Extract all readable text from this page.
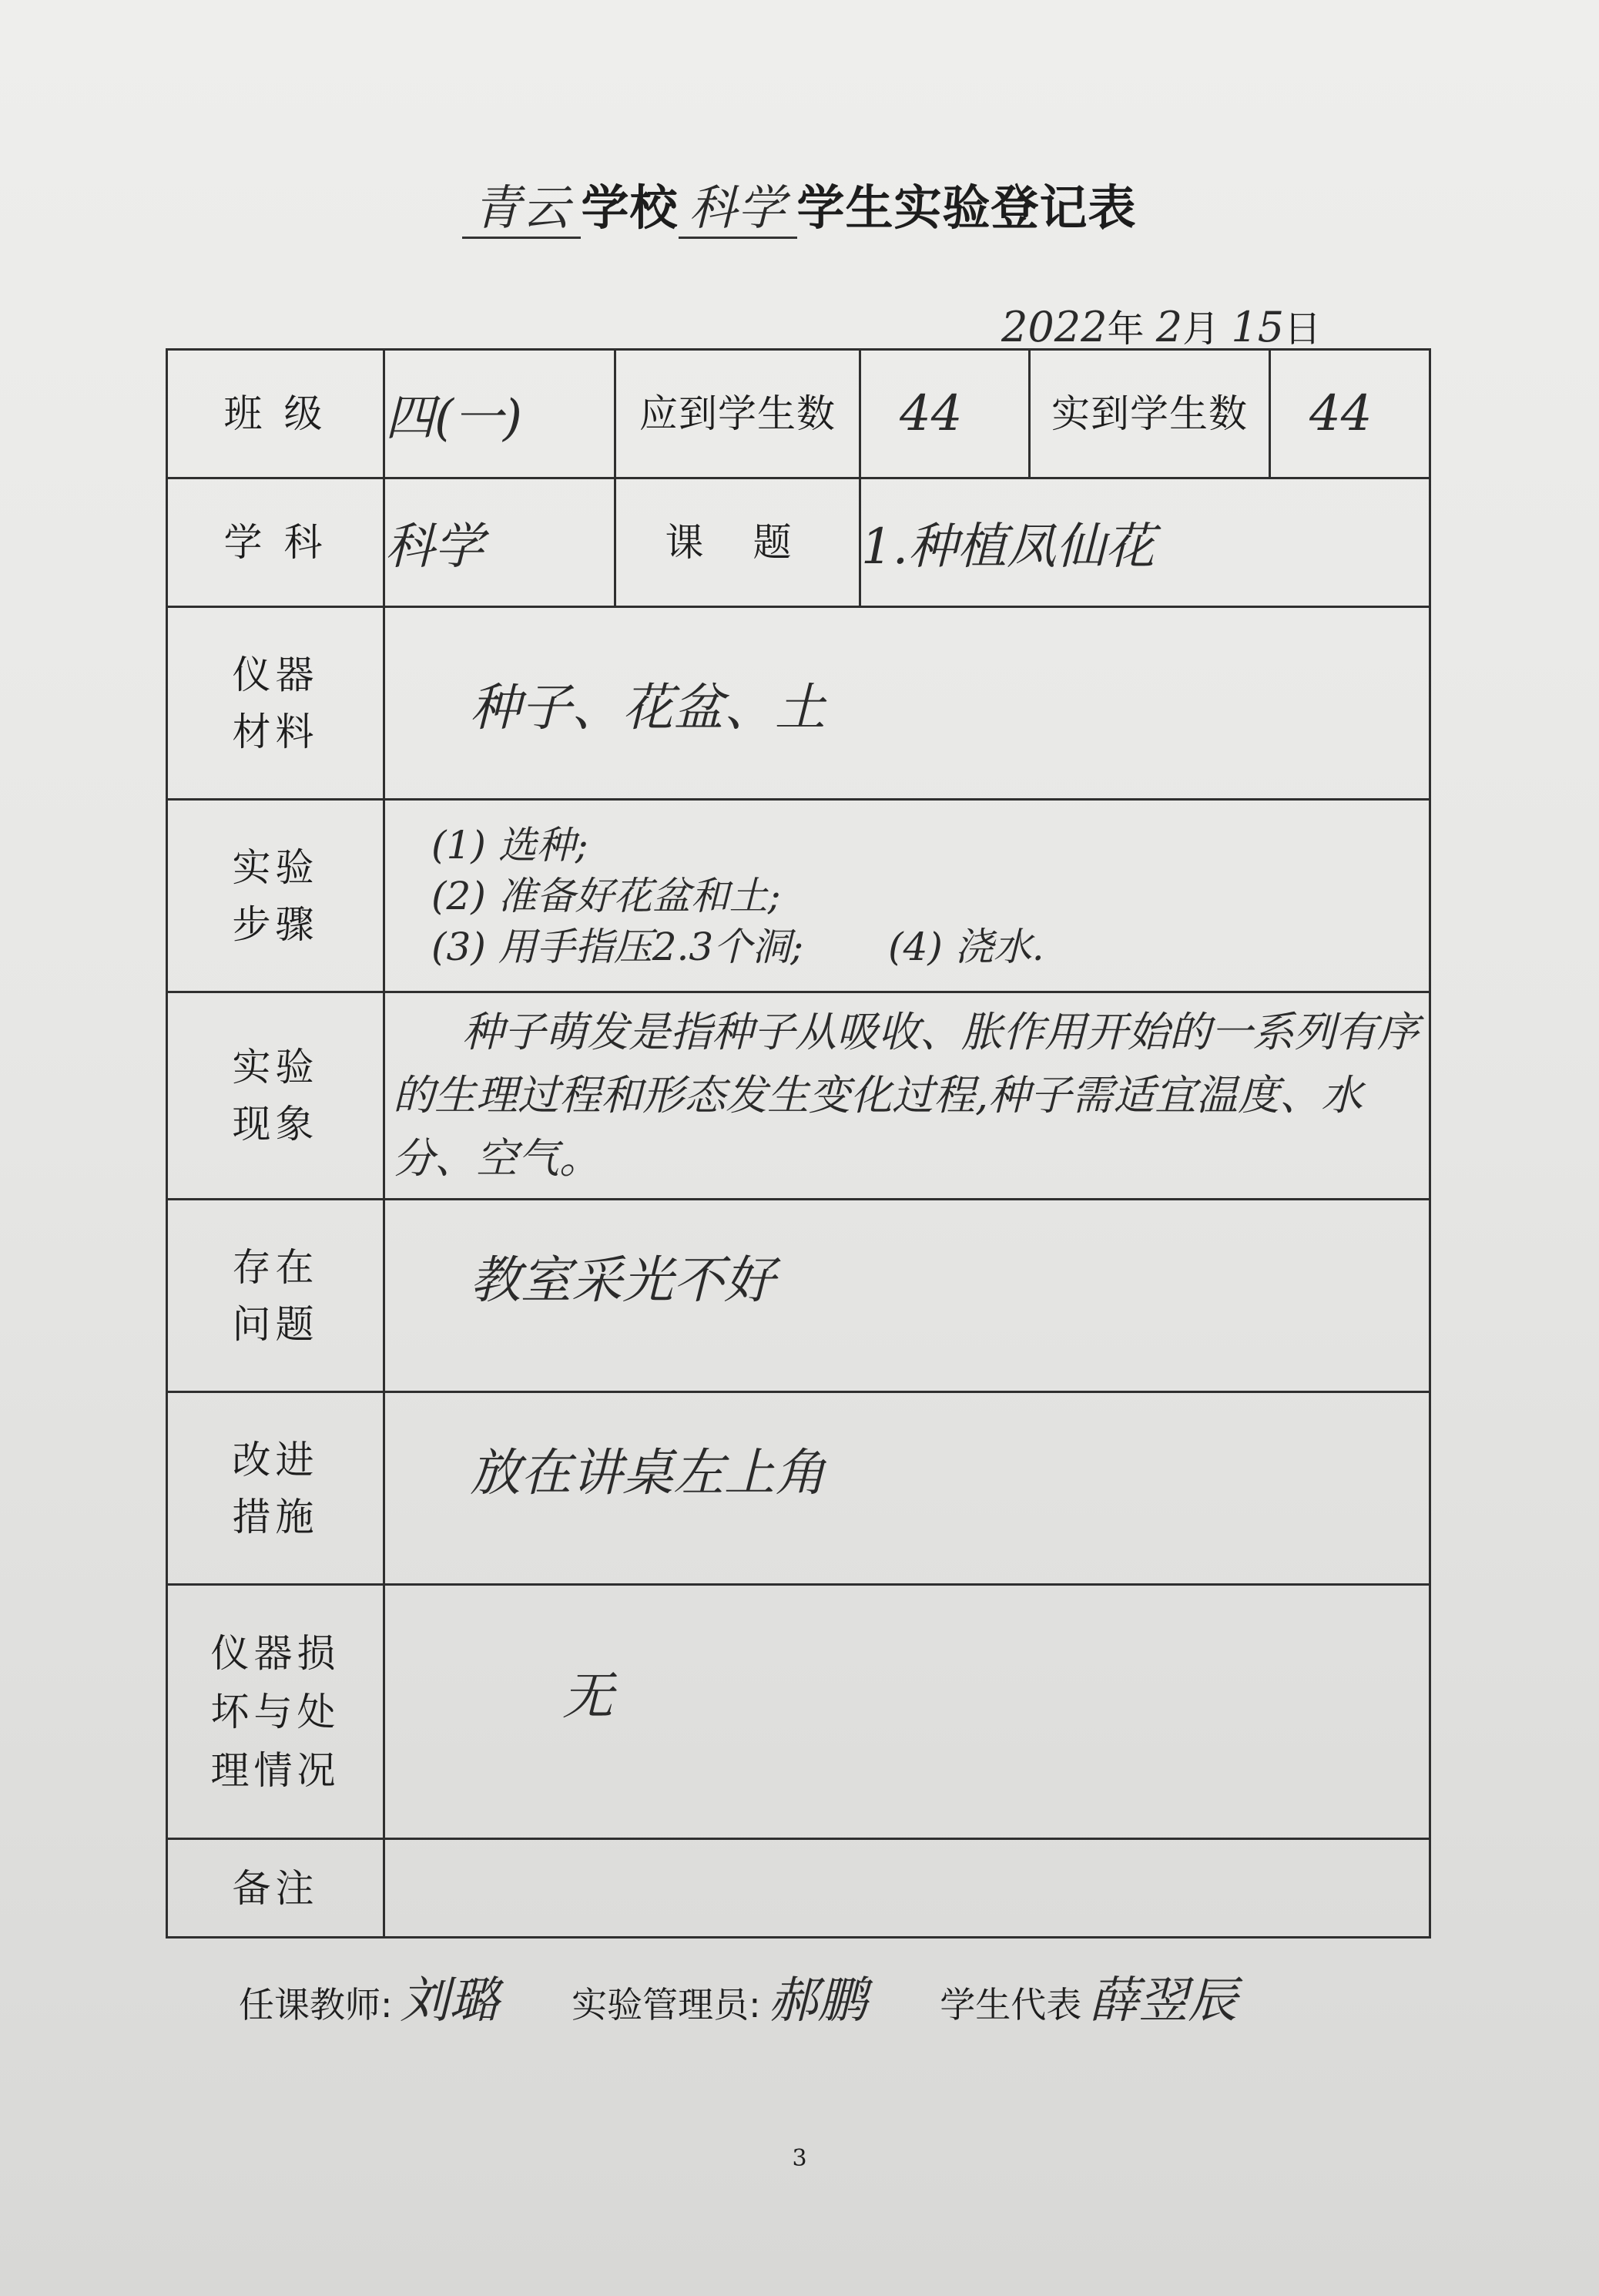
青云 学校 科学 学生实验登记表
2022年 2月 15日
班 级	四(一)	应到学生数	44	实到学生数	44
学 科	科学	课 题	1.种植凤仙花		

仪器材料	种子、花盆、土				

实验步骤	(1) 选种;
(2) 准备好花盆和土;
(3) 用手指压2.3个洞; (4) 浇水.				

实验现象	种子萌发是指种子从吸收、胀作用开始的一系列有序的生理过程和形态发生变化过程,种子需适宜温度、水分、空气。				

存在问题	教室采光不好				

改进措施	放在讲桌左上角				

仪器损坏与处理情况	无				
备注					
任课教师: 刘璐 实验管理员: 郝鹏 学生代表 薛翌辰
3
